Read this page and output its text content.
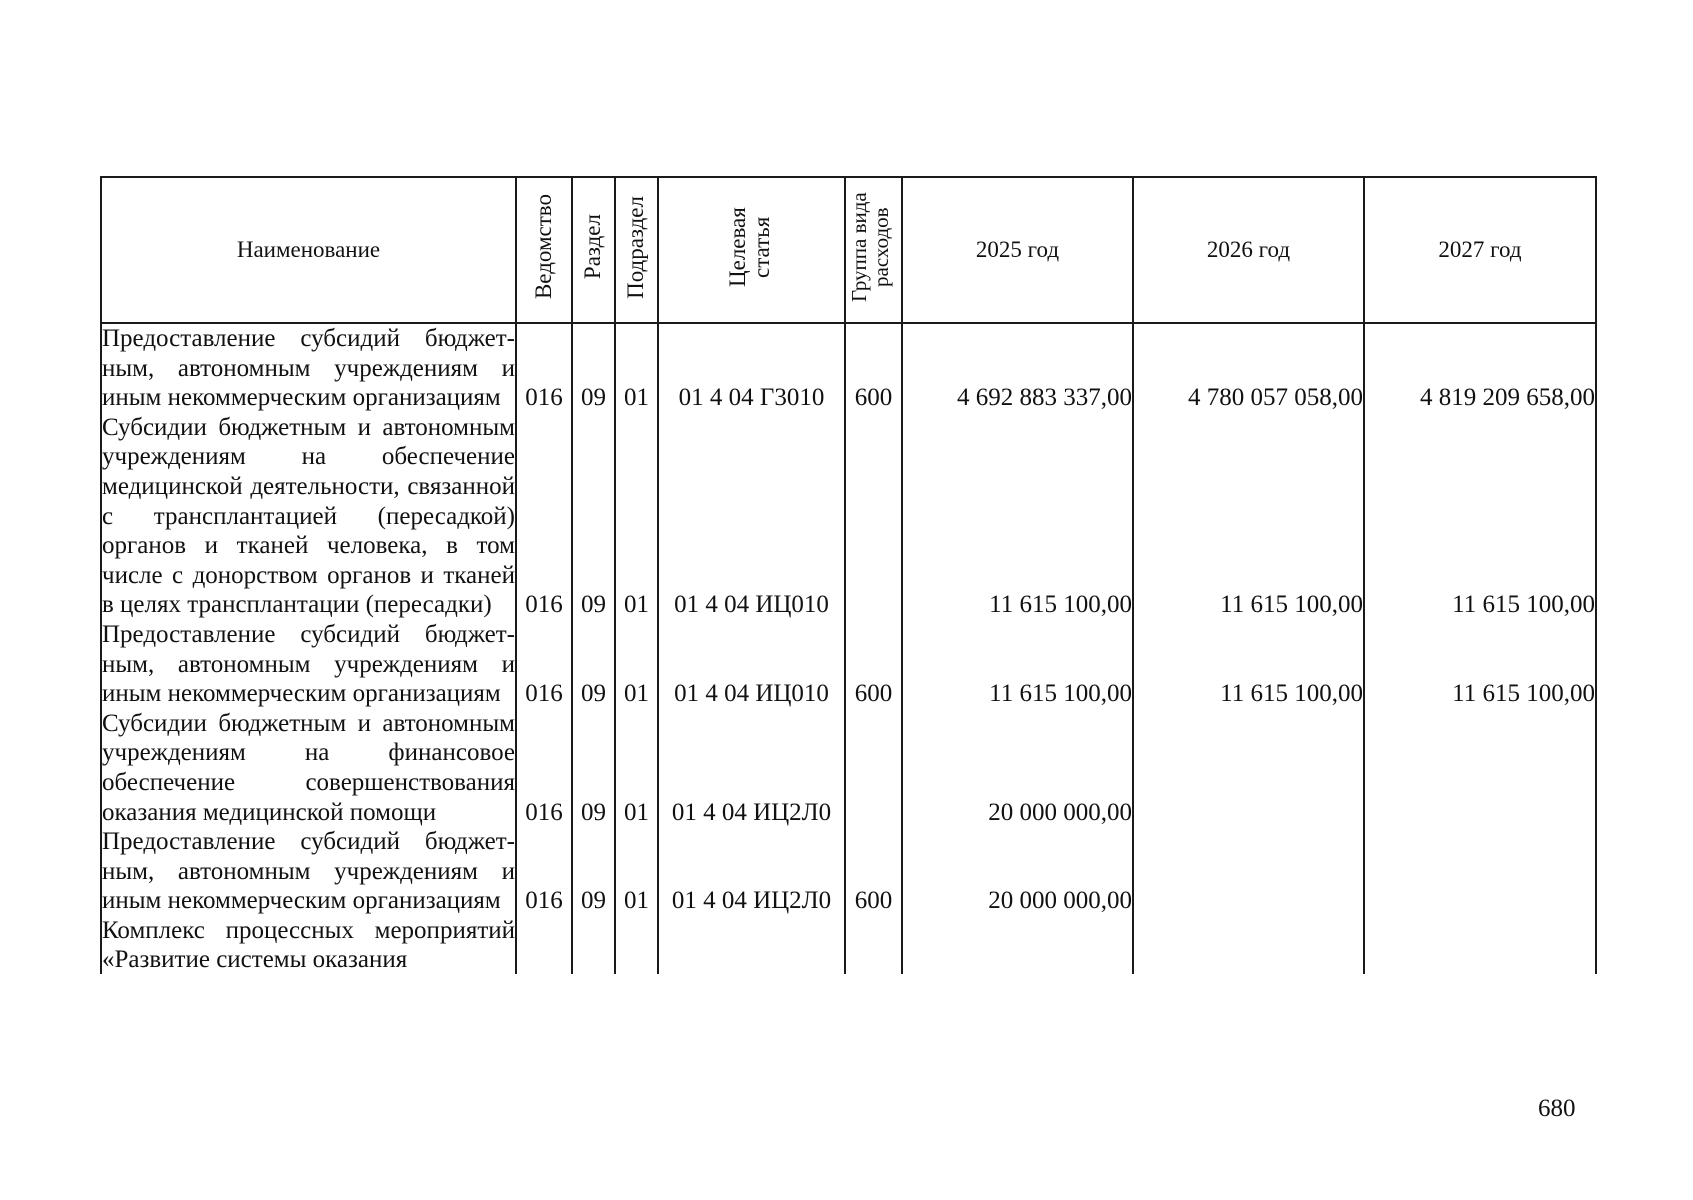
Наименование	Ведомство	Раздел	Подраздел	Целевая статья	Группа вида расходов	2025 год	2026 год	2027 год
Предоставление субсидий бюджетным, автономным учреждениям и иным некоммерческим организациям	016	09	01	01 4 04 Г3010	600	4 692 883 337,00	4 780 057 058,00	4 819 209 658,00
Субсидии бюджетным и автономным учреждениям на обеспечение медицинской деятельности, связанной с трансплантацией (пересадкой) органов и тканей человека, в том числе с донорством органов и тканей в целях трансплантации (пересадки)	016	09	01	01 4 04 ИЦ010		11 615 100,00	11 615 100,00	11 615 100,00
Предоставление субсидий бюджетным, автономным учреждениям и иным некоммерческим организациям	016	09	01	01 4 04 ИЦ010	600	11 615 100,00	11 615 100,00	11 615 100,00
Субсидии бюджетным и автономным учреждениям на финансовое обеспечение совершенствования оказания медицинской помощи	016	09	01	01 4 04 ИЦ2Л0		20 000 000,00		
Предоставление субсидий бюджетным, автономным учреждениям и иным некоммерческим организациям	016	09	01	01 4 04 ИЦ2Л0	600	20 000 000,00		

Комплекс процессных мероприятий «Развитие системы оказания								

680
